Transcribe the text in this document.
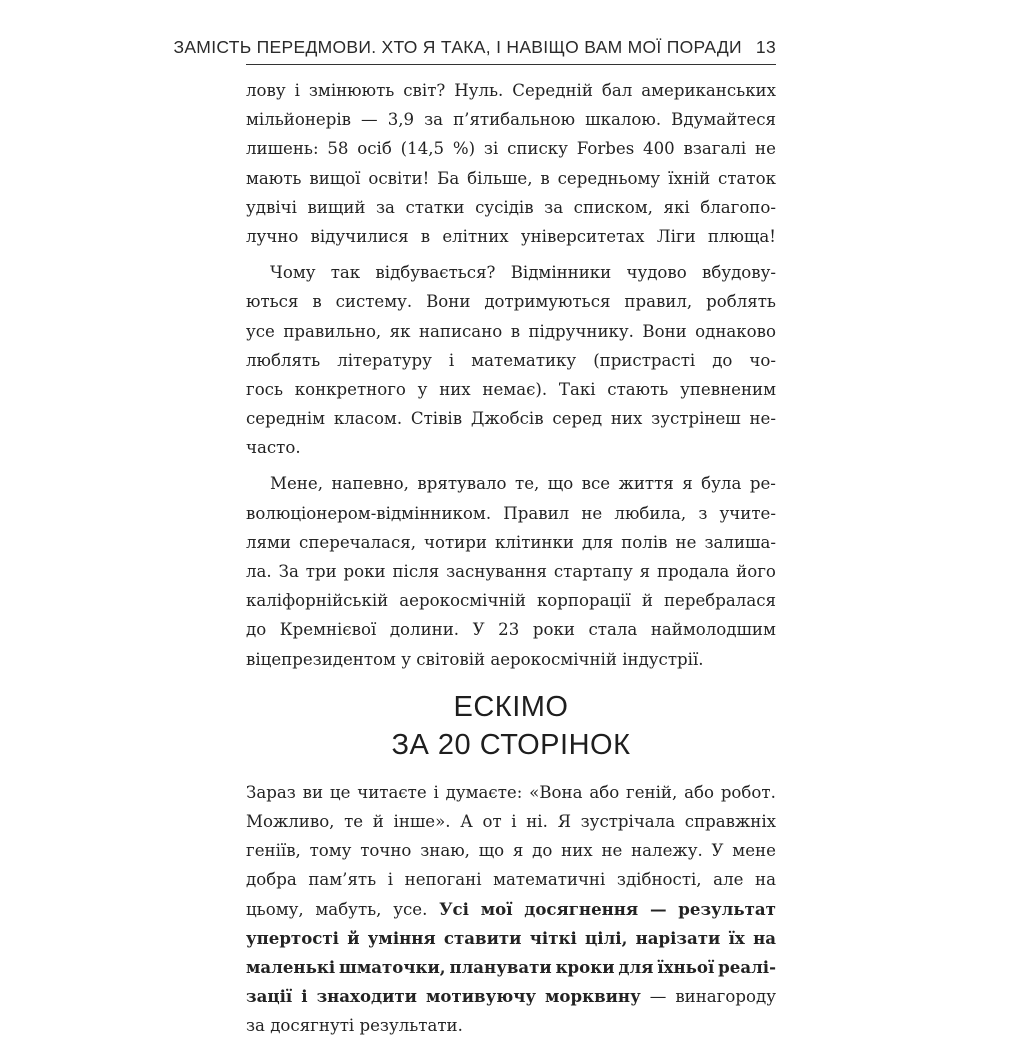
ЗАМІСТЬ ПЕРЕДМОВИ. ХТО Я ТАКА, І НАВІЩО ВАМ МОЇ ПОРАДИ 13
лову і змінюють світ? Нуль. Середній бал американських
мільйонерів — 3,9 за п’ятибальною шкалою. Вдумайтеся
лишень: 58 осіб (14,5 %) зі списку Forbes 400 взагалі не
мають вищої освіти! Ба більше, в середньому їхній статок
удвічі вищий за статки сусідів за списком, які благопо-
лучно відучилися в елітних університетах Ліги плюща!
Чому так відбувається? Відмінники чудово вбудову-
ються в систему. Вони дотримуються правил, роблять
усе правильно, як написано в підручнику. Вони однаково
люблять літературу і математику (пристрасті до чо-
гось конкретного у них немає). Такі стають упевненим
середнім класом. Стівів Джобсів серед них зустрінеш не-
часто.
Мене, напевно, врятувало те, що все життя я була ре-
волюціонером-відмінником. Правил не любила, з учите-
лями сперечалася, чотири клітинки для полів не залиша-
ла. За три роки після заснування стартапу я продала його
каліфорнійській аерокосмічній корпорації й перебралася
до Кремнієвої долини. У 23 роки стала наймолодшим
віцепрезидентом у світовій аерокосмічній індустрії.
ЕСКІМО
ЗА 20 СТОРІНОК
Зараз ви це читаєте і думаєте: «Вона або геній, або робот.
Можливо, те й інше». А от і ні. Я зустрічала справжніх
геніїв, тому точно знаю, що я до них не належу. У мене
добра пам’ять і непогані математичні здібності, але на
цьому, мабуть, усе. Усі мої досягнення — результат
упертості й уміння ставити чіткі цілі, нарізати їх на
маленькі шматочки, планувати кроки для їхньої реалі-
зації і знаходити мотивуючу морквину — винагороду
за досягнуті результати.
